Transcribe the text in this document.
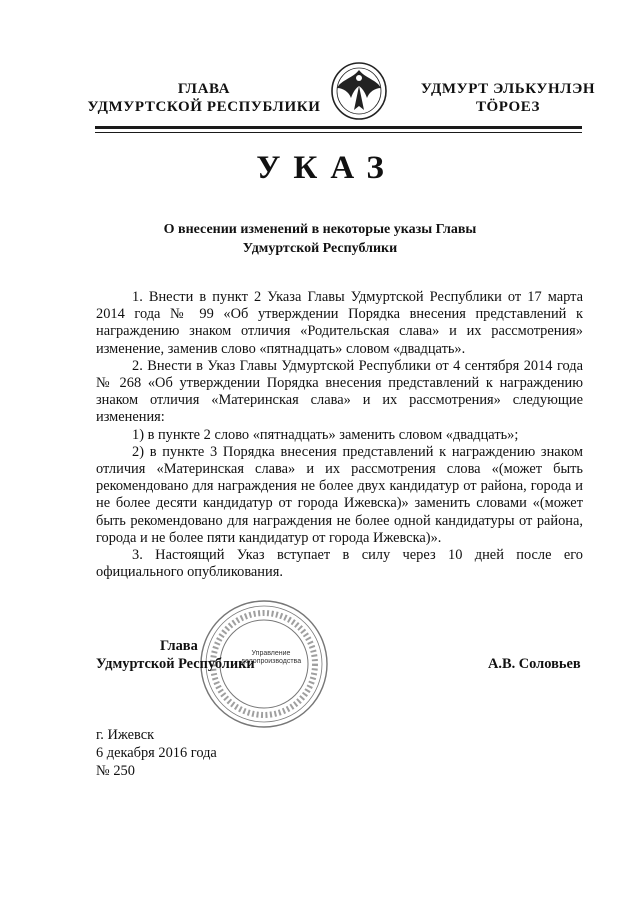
ГЛАВА
УДМУРТСКОЙ РЕСПУБЛИКИ
УДМУРТ ЭЛЬКУНЛЭН
ТӦРОЕЗ
УКАЗ
О внесении изменений в некоторые указы Главы
Удмуртской Республики

1. Внести в пункт 2 Указа Главы Удмуртской Республики от 17 марта 2014 года № 99 «Об утверждении Порядка внесения представлений к награждению знаком отличия «Родительская слава» и их рассмотрения» изменение, заменив слово «пятнадцать» словом «двадцать».

2. Внести в Указ Главы Удмуртской Республики от 4 сентября 2014 года № 268 «Об утверждении Порядка внесения представлений к награждению знаком отличия «Материнская слава» и их рассмотрения» следующие изменения:

1) в пункте 2 слово «пятнадцать» заменить словом «двадцать»;

2) в пункте 3 Порядка внесения представлений к награждению знаком отличия «Материнская слава» и их рассмотрения слова «(может быть рекомендовано для награждения не более двух кандидатур от района, города и не более десяти кандидатур от города Ижевска)» заменить словами «(может быть рекомендовано для награждения не более одной кандидатуры от района, города и не более пяти кандидатур от города Ижевска)».

3. Настоящий Указ вступает в силу через 10 дней после его официального опубликования.

Управление
делопроизводства
Глава
Удмуртской Республики	А.В. Соловьев
г. Ижевск
6 декабря 2016 года
№ 250
